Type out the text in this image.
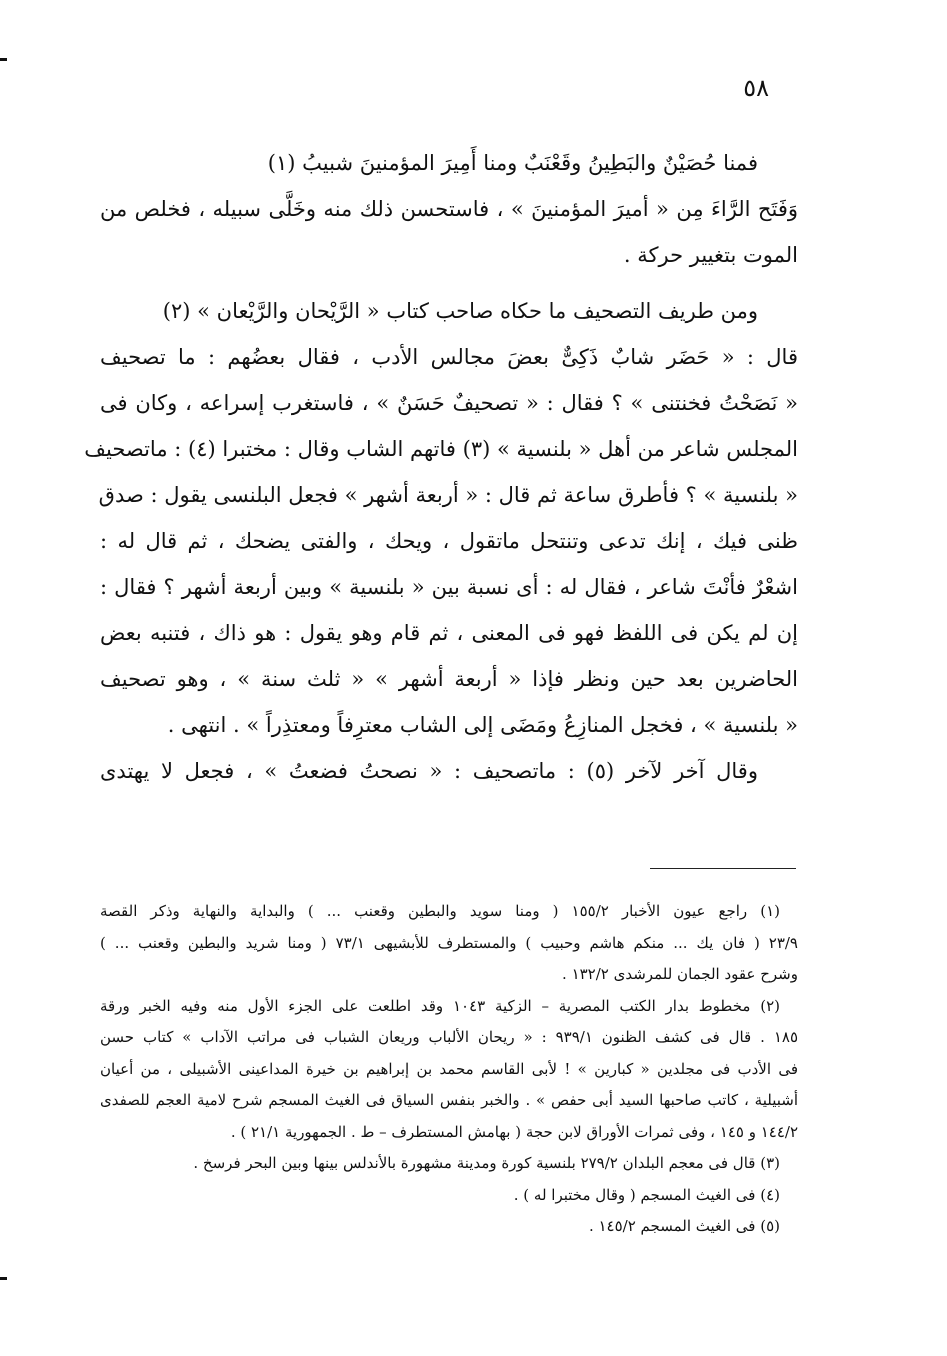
٥٨
فمنا حُصَيْنٌ والبَطِينُ وقَعْنَبٌ ومنا أَمِيرَ المؤمنينَ شبيبُ (١)
وَفَتَح الرَّاءَ مِن « أميرَ المؤمنينَ » ، فاستحسن ذلك منه وخَلَّى سبيله ، فخلص من
الموت بتغيير حركة .
ومن طريف التصحيف ما حكاه صاحب كتاب « الرَّيْحان والرَّيْعان » (٢)
قال : « حَضَر شابٌ ذَكِىٌّ بعضَ مجالس الأدب ، فقال بعضُهم : ما تصحيف
« نَصَحْتُ فخنتنى » ؟ فقال : « تصحيفٌ حَسَنٌ » ، فاستغرب إسراعه ، وكان فى
المجلس شاعر من أهل « بلنسية » (٣) فاتهم الشاب وقال : مختبرا (٤) : ماتصحيف
« بلنسية » ؟ فأطرق ساعة ثم قال : « أربعة أشهر » فجعل البلنسى يقول : صدق
ظنى فيك ، إنك تدعى وتنتحل ماتقول ، ويحك ، والفتى يضحك ، ثم قال له :
اشعْرٌ فأنْتَ شاعر ، فقال له : أى نسبة بين « بلنسية » وبين أربعة أشهر ؟ فقال :
إن لم يكن فى اللفظ فهو فى المعنى ، ثم قام وهو يقول : هو ذاك ، فتنبه بعض
الحاضرين بعد حين ونظر فإذا « أربعة أشهر » « ثلث سنة » ، وهو تصحيف
« بلنسية » ، فخجل المنازِعُ ومَضَى إلى الشاب معترِفاً ومعتذِراً » . انتهى .
وقال آخر لآخر (٥) : ماتصحيف : « نصحتُ فضعتُ » ، فجعل لا يهتدى
(١) راجع عيون الأخبار ١٥٥/٢ ( ومنا سويد والبطين وقعنب ... ) والبداية والنهاية وذكر القصة
٢٣/٩ ( فان يك ... منكم هاشم وحبيب ) والمستطرف للأبشيهى ٧٣/١ ( ومنا شريد والبطين وقعنب ... )
وشرح عقود الجمان للمرشدى ١٣٢/٢ .
(٢) مخطوط بدار الكتب المصرية – الزكية ١٠٤٣ وقد اطلعت على الجزء الأول منه وفيه الخبر ورقة
١٨٥ . قال فى كشف الظنون ٩٣٩/١ : « ريحان الألباب وريعان الشباب فى مراتب الآداب » كتاب حسن
فى الأدب فى مجلدين « كبارين » ! لأبى القاسم محمد بن إبراهيم بن خيرة المداعينى الأشبيلى ، من أعيان
أشبيلية ، كاتب صاحبها السيد أبى حفص » . والخبر بنفس السياق فى الغيث المسجم شرح لامية العجم للصفدى
١٤٤/٢ و ١٤٥ ، وفى ثمرات الأوراق لابن حجة ( بهامش المستطرف – ط . الجمهورية ٢١/١ ) .
(٣) قال فى معجم البلدان ٢٧٩/٢ بلنسية كورة ومدينة مشهورة بالأندلس بينها وبين البحر فرسخ .
(٤) فى الغيث المسجم ( وقال مختبرا له ) .
(٥) فى الغيث المسجم ١٤٥/٢ .
